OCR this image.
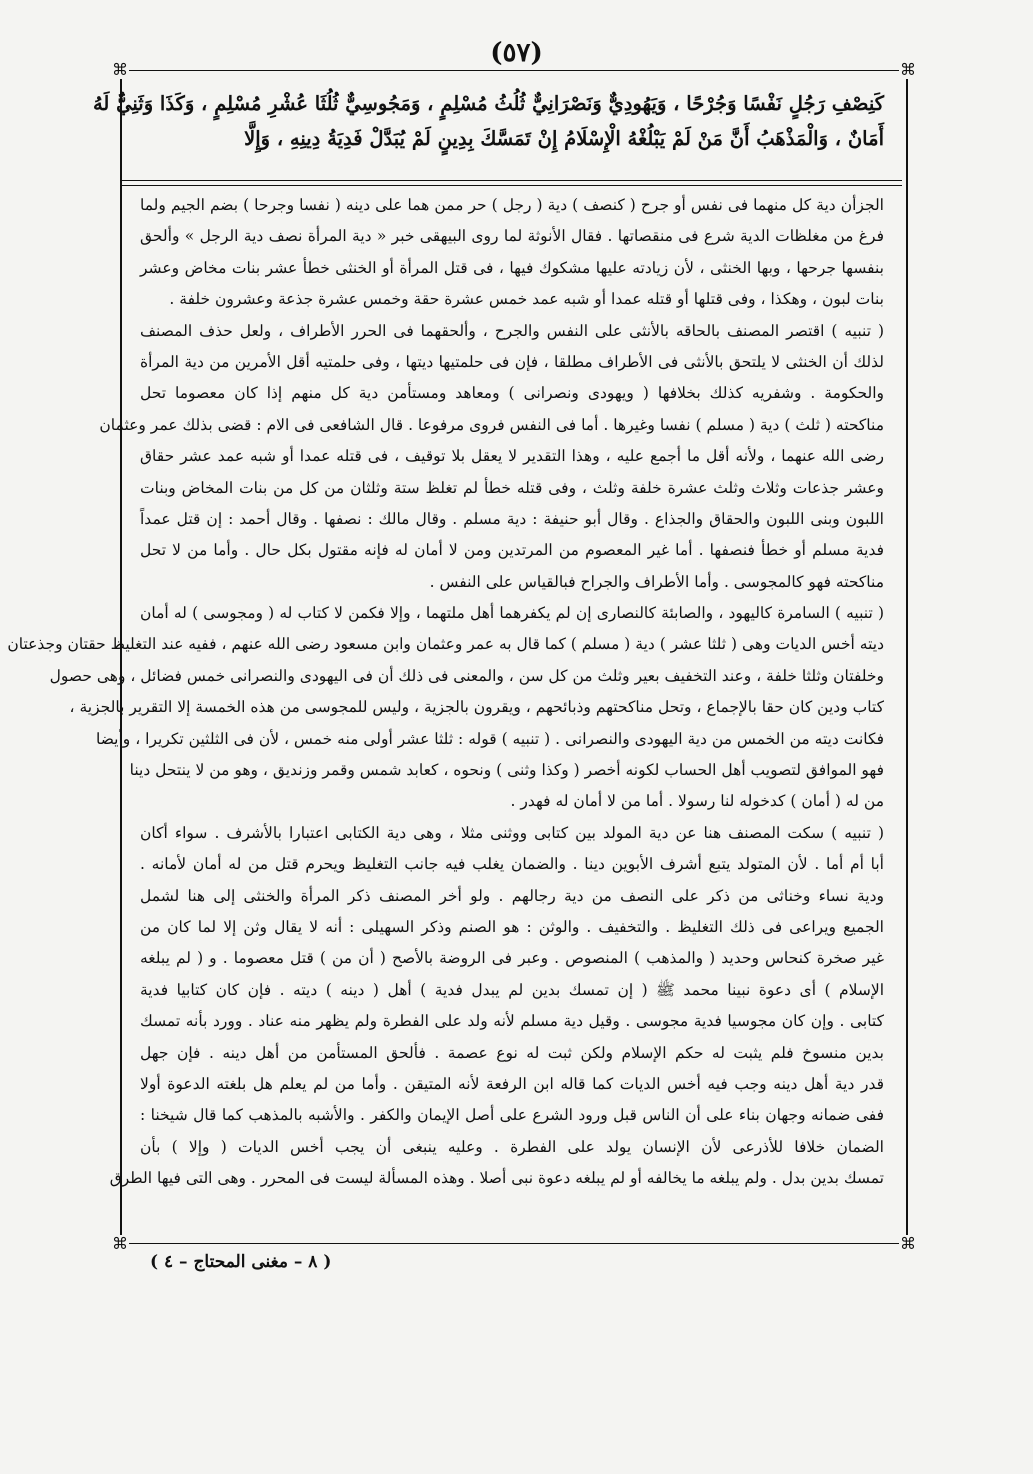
(٥٧)
⌘	⌘
⌘	⌘
كَنِصْفِ رَجُلٍ نَفْسًا وَجُرْحًا ، وَيَهُودِيٌّ وَنَصْرَانِيٌّ ثُلُثُ مُسْلِمٍ ، وَمَجُوسِيٌّ ثُلُثَا عُشْرِ مُسْلِمٍ ، وَكَذَا وَثَنِيٌّ لَهُ
أَمَانٌ ، وَالْمَذْهَبُ أَنَّ مَنْ لَمْ يَبْلُغْهُ الْإِسْلَامُ إِنْ تَمَسَّكَ بِدِينٍ لَمْ يُبَدَّلْ فَدِيَةُ دِينِهِ ، وَإِلَّا
الجزأن دية كل منهما فى نفس أو جرح ( كنصف ) دية ( رجل ) حر ممن هما على دينه ( نفسا وجرحا ) بضم الجيم ولما
فرغ من مغلظات الدية شرع فى منقصاتها . فقال الأنوثة لما روى البيهقى خبر « دية المرأة نصف دية الرجل » وألحق
بنفسها جرحها ، وبها الخنثى ، لأن زيادته عليها مشكوك فيها ، فى قتل المرأة أو الخنثى خطأ عشر بنات مخاض وعشر
بنات لبون ، وهكذا ، وفى قتلها أو قتله عمدا أو شبه عمد خمس عشرة حقة وخمس عشرة جذعة وعشرون خلفة .
( تنبيه ) اقتصر المصنف بالحاقه بالأنثى على النفس والجرح ، وألحقهما فى الحرر الأطراف ، ولعل حذف المصنف
لذلك أن الخنثى لا يلتحق بالأنثى فى الأطراف مطلقا ، فإن فى حلمتيها ديتها ، وفى حلمتيه أقل الأمرين من دية المرأة
والحكومة . وشفريه كذلك بخلافها ( ويهودى ونصرانى ) ومعاهد ومستأمن دية كل منهم إذا كان معصوما تحل
مناكحته ( ثلث ) دية ( مسلم ) نفسا وغيرها . أما فى النفس فروى مرفوعا . قال الشافعى فى الام : قضى بذلك عمر وعثمان
رضى الله عنهما ، ولأنه أقل ما أجمع عليه ، وهذا التقدير لا يعقل بلا توقيف ، فى قتله عمدا أو شبه عمد عشر حقاق
وعشر جذعات وثلاث وثلث عشرة خلفة وثلث ، وفى قتله خطأ لم تغلظ ستة وثلثان من كل من بنات المخاض وبنات
اللبون وبنى اللبون والحقاق والجذاع . وقال أبو حنيفة : دية مسلم . وقال مالك : نصفها . وقال أحمد : إن قتل عمداً
فدية مسلم أو خطأ فنصفها . أما غير المعصوم من المرتدين ومن لا أمان له فإنه مقتول بكل حال . وأما من لا تحل
مناكحته فهو كالمجوسى . وأما الأطراف والجراح فبالقياس على النفس .
( تنبيه ) السامرة كاليهود ، والصابئة كالنصارى إن لم يكفرهما أهل ملتهما ، وإلا فكمن لا كتاب له ( ومجوسى ) له أمان
ديته أخس الديات وهى ( ثلثا عشر ) دية ( مسلم ) كما قال به عمر وعثمان وابن مسعود رضى الله عنهم ، ففيه عند التغليظ حقتان وجذعتان
وخلفتان وثلثا خلفة ، وعند التخفيف بعير وثلث من كل سن ، والمعنى فى ذلك أن فى اليهودى والنصرانى خمس فضائل ، وهى حصول
كتاب ودين كان حقا بالإجماع ، وتحل مناكحتهم وذبائحهم ، ويقرون بالجزية ، وليس للمجوسى من هذه الخمسة إلا التقرير بالجزية ،
فكانت ديته من الخمس من دية اليهودى والنصرانى . ( تنبيه ) قوله : ثلثا عشر أولى منه خمس ، لأن فى الثلثين تكريرا ، وأيضا
فهو الموافق لتصويب أهل الحساب لكونه أخصر ( وكذا وثنى ) ونحوه ، كعابد شمس وقمر وزنديق ، وهو من لا ينتحل دينا
من له ( أمان ) كدخوله لنا رسولا . أما من لا أمان له فهدر .
( تنبيه ) سكت المصنف هنا عن دية المولد بين كتابى ووثنى مثلا ، وهى دية الكتابى اعتبارا بالأشرف . سواء أكان
أبا أم أما . لأن المتولد يتبع أشرف الأبوين دينا . والضمان يغلب فيه جانب التغليظ ويحرم قتل من له أمان لأمانه .
ودية نساء وخناثى من ذكر على النصف من دية رجالهم . ولو أخر المصنف ذكر المرأة والخنثى إلى هنا لشمل
الجميع ويراعى فى ذلك التغليظ . والتخفيف . والوثن : هو الصنم وذكر السهيلى : أنه لا يقال وثن إلا لما كان من
غير صخرة كنحاس وحديد ( والمذهب ) المنصوص . وعبر فى الروضة بالأصح ( أن من ) قتل معصوما . و ( لم يبلغه
الإسلام ) أى دعوة نبينا محمد ﷺ ( إن تمسك بدين لم يبدل فدية ) أهل ( دينه ) ديته . فإن كان كتابيا فدية
كتابى . وإن كان مجوسيا فدية مجوسى . وقيل دية مسلم لأنه ولد على الفطرة ولم يظهر منه عناد . وورد بأنه تمسك
بدين منسوخ فلم يثبت له حكم الإسلام ولكن ثبت له نوع عصمة . فألحق المستأمن من أهل دينه . فإن جهل
قدر دية أهل دينه وجب فيه أخس الديات كما قاله ابن الرفعة لأنه المتيقن . وأما من لم يعلم هل بلغته الدعوة أولا
ففى ضمانه وجهان بناء على أن الناس قبل ورود الشرع على أصل الإيمان والكفر . والأشبه بالمذهب كما قال شيخنا :
الضمان خلافا للأذرعى لأن الإنسان يولد على الفطرة . وعليه ينبغى أن يجب أخس الديات ( وإلا ) بأن
تمسك بدين بدل . ولم يبلغه ما يخالفه أو لم يبلغه دعوة نبى أصلا . وهذه المسألة ليست فى المحرر . وهى التى فيها الطرق
( ٨ – مغنى المحتاج – ٤ )
